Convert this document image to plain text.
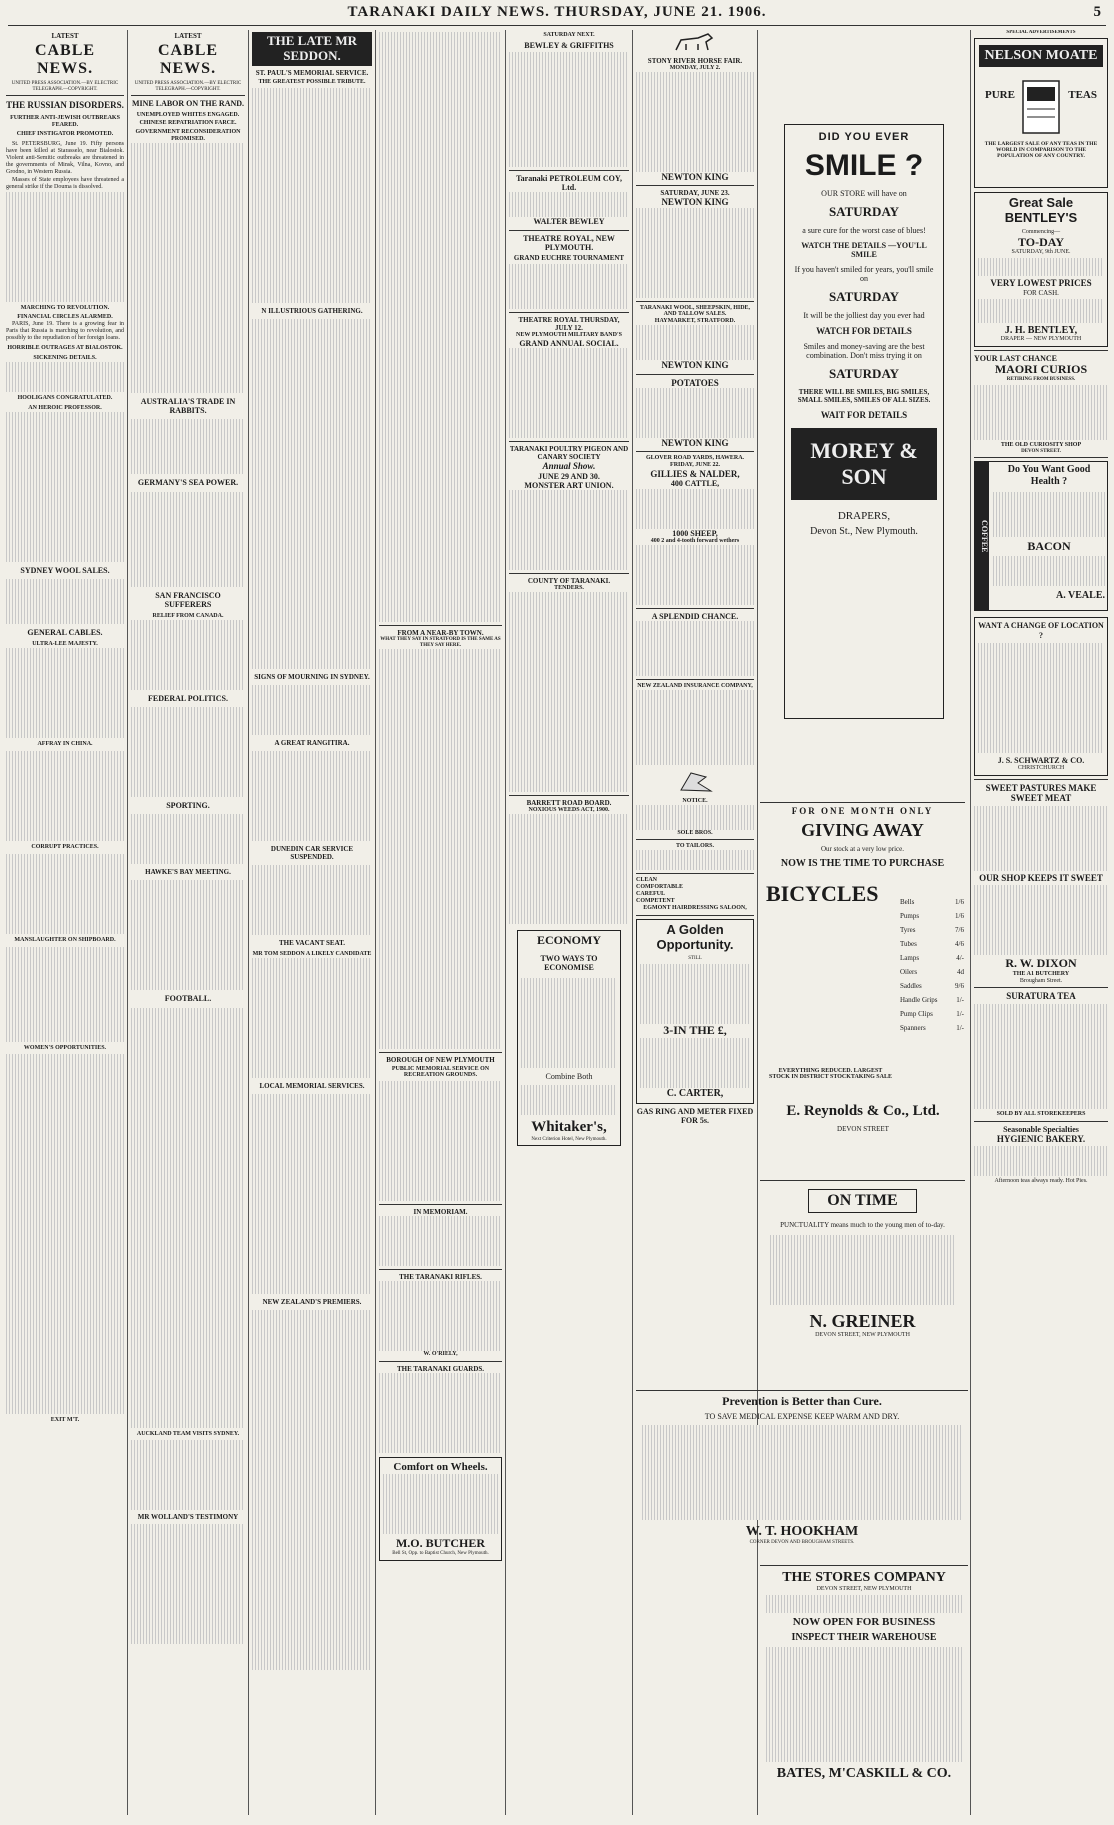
TARANAKI DAILY NEWS. THURSDAY, JUNE 21. 1906.	5
LATEST
CABLE NEWS.
UNITED PRESS ASSOCIATION.—BY ELECTRIC TELEGRAPH.—COPYRIGHT.
THE RUSSIAN DISORDERS.
FURTHER ANTI-JEWISH OUTBREAKS FEARED.
CHIEF INSTIGATOR PROMOTED.

St. PETERSBURG, June 19. Fifty persons have been killed at Starasselo, near Bialostok. Violent anti-Semitic outbreaks are threatened in the governments of Minsk, Vilna, Kovno, and Grodno, in Western Russia.

Masses of State employees have threatened a general strike if the Douma is dissolved.

MARCHING TO REVOLUTION.
FINANCIAL CIRCLES ALARMED.

PARIS, June 19. There is a growing fear in Paris that Russia is marching to revolution, and possibly to the repudiation of her foreign loans.

HORRIBLE OUTRAGES AT BIALOSTOK.
SICKENING DETAILS.
HOOLIGANS CONGRATULATED.
AN HEROIC PROFESSOR.
SYDNEY WOOL SALES.
GENERAL CABLES.
ULTRA-LEE MAJESTY.
AFFRAY IN CHINA.
CORRUPT PRACTICES.
MANSLAUGHTER ON SHIPBOARD.
WOMEN'S OPPORTUNITIES.
EXIT M'T.
LATEST
CABLE NEWS.
UNITED PRESS ASSOCIATION.—BY ELECTRIC TELEGRAPH.—COPYRIGHT.
MINE LABOR ON THE RAND.
UNEMPLOYED WHITES ENGAGED.
CHINESE REPATRIATION FARCE.
GOVERNMENT RECONSIDERATION PROMISED.
AUSTRALIA'S TRADE IN RABBITS.
GERMANY'S SEA POWER.
SAN FRANCISCO SUFFERERS
RELIEF FROM CANADA.
FEDERAL POLITICS.
SPORTING.
HAWKE'S BAY MEETING.
FOOTBALL.
AUCKLAND TEAM VISITS SYDNEY.
MR WOLLAND'S TESTIMONY
THE LATE MR SEDDON.
ST. PAUL'S MEMORIAL SERVICE.
THE GREATEST POSSIBLE TRIBUTE.
N ILLUSTRIOUS GATHERING.
SIGNS OF MOURNING IN SYDNEY.
A GREAT RANGITIRA.
DUNEDIN CAR SERVICE SUSPENDED.
THE VACANT SEAT.
MR TOM SEDDON A LIKELY CANDIDATE
LOCAL MEMORIAL SERVICES.
NEW ZEALAND'S PREMIERS.
FROM A NEAR-BY TOWN.
WHAT THEY SAY IN STRATFORD IS THE SAME AS THEY SAY HERE.
BOROUGH OF NEW PLYMOUTH
PUBLIC MEMORIAL SERVICE ON RECREATION GROUNDS.
IN MEMORIAM.
THE TARANAKI RIFLES.
W. O'RIELY,
THE TARANAKI GUARDS.
Comfort on Wheels.
M.O. BUTCHER
Bell St, Opp. to Baptist Church, New Plymouth.
SATURDAY NEXT.
BEWLEY & GRIFFITHS
Taranaki PETROLEUM COY, Ltd.
WALTER BEWLEY
THEATRE ROYAL, NEW PLYMOUTH.
GRAND EUCHRE TOURNAMENT
THEATRE ROYAL THURSDAY, JULY 12.
NEW PLYMOUTH MILITARY BAND'S
GRAND ANNUAL SOCIAL.
TARANAKI POULTRY PIGEON AND CANARY SOCIETY
Annual Show.
JUNE 29 AND 30.
MONSTER ART UNION.
COUNTY OF TARANAKI.
TENDERS.
BARRETT ROAD BOARD.
NOXIOUS WEEDS ACT, 1900.
ECONOMY
TWO WAYS TO ECONOMISE
Combine Both
Whitaker's,
Next Criterion Hotel, New Plymouth.
STONY RIVER HORSE FAIR.
MONDAY, JULY 2.
NEWTON KING
SATURDAY, JUNE 23.
NEWTON KING
TARANAKI WOOL, SHEEPSKIN, HIDE, AND TALLOW SALES.
HAYMARKET, STRATFORD.
NEWTON KING
POTATOES
NEWTON KING
GLOVER ROAD YARDS, HAWERA.
FRIDAY, JUNE 22.
GILLIES & NALDER,
400 CATTLE,
1000 SHEEP,
400 2 and 4-tooth forward wethers
A SPLENDID CHANCE.
NEW ZEALAND INSURANCE COMPANY,
NOTICE.
SOLE BROS.
TO TAILORS.
CLEAN COMFORTABLE CAREFUL COMPETENT
EGMONT HAIRDRESSING SALOON,
A Golden Opportunity.
STILL
3-IN THE £,
C. CARTER,
GAS RING AND METER FIXED FOR 5s.
DID YOU EVER
SMILE ?
OUR STORE will have on
SATURDAY
a sure cure for the worst case of blues!
WATCH THE DETAILS —YOU'LL SMILE
If you haven't smiled for years, you'll smile on
SATURDAY
It will be the jolliest day you ever had
WATCH FOR DETAILS
Smiles and money-saving are the best combination. Don't miss trying it on
SATURDAY
THERE WILL BE SMILES, BIG SMILES, SMALL SMILES, SMILES OF ALL SIZES.
WAIT FOR DETAILS
MOREY & SON
DRAPERS,
Devon St., New Plymouth.
FOR ONE MONTH ONLY
GIVING AWAY
Our stock at a very low price.
NOW IS THE TIME TO PURCHASE
BICYCLES	Bells	1/6
Pumps	1/6
Tyres	7/6
Tubes	4/6
Lamps	4/-
Oilers	4d
Saddles	9/6
Handle Grips	1/-
Pump Clips	1/-
Spanners	1/-
EVERYTHING REDUCED. LARGEST STOCK IN DISTRICT STOCKTAKING SALE
E. Reynolds & Co., Ltd.
DEVON STREET
ON TIME
PUNCTUALITY means much to the young men of to-day.
N. GREINER
DEVON STREET, NEW PLYMOUTH
Prevention is Better than Cure.
TO SAVE MEDICAL EXPENSE KEEP WARM AND DRY.
W. T. HOOKHAM
CORNER DEVON AND BROUGHAM STREETS.
THE STORES COMPANY
DEVON STREET, NEW PLYMOUTH
NOW OPEN FOR BUSINESS
INSPECT THEIR WAREHOUSE
BATES, M'CASKILL & CO.
SPECIAL ADVERTISEMENTS
NELSON MOATE
PURE	TEAS
THE LARGEST SALE OF ANY TEAS IN THE WORLD IN COMPARISON TO THE POPULATION OF ANY COUNTRY.
Great Sale
BENTLEY'S
Commencing—
TO-DAY
SATURDAY, 9th JUNE.
VERY LOWEST PRICES
FOR CASH.
J. H. BENTLEY,
DRAPER — NEW PLYMOUTH
YOUR LAST CHANCE
MAORI CURIOS
RETIRING FROM BUSINESS.
THE OLD CURIOSITY SHOP
DEVON STREET.
COFFEE
Do You Want Good Health ?
BACON
A. VEALE.
WANT A CHANGE OF LOCATION ?
J. S. SCHWARTZ & CO.
CHRISTCHURCH
SWEET PASTURES MAKE SWEET MEAT
OUR SHOP KEEPS IT SWEET
R. W. DIXON
THE A1 BUTCHERY
Brougham Street.
SURATURA TEA
SOLD BY ALL STOREKEEPERS
Seasonable Specialties
HYGIENIC BAKERY.
Afternoon teas always ready. Hot Pies.
